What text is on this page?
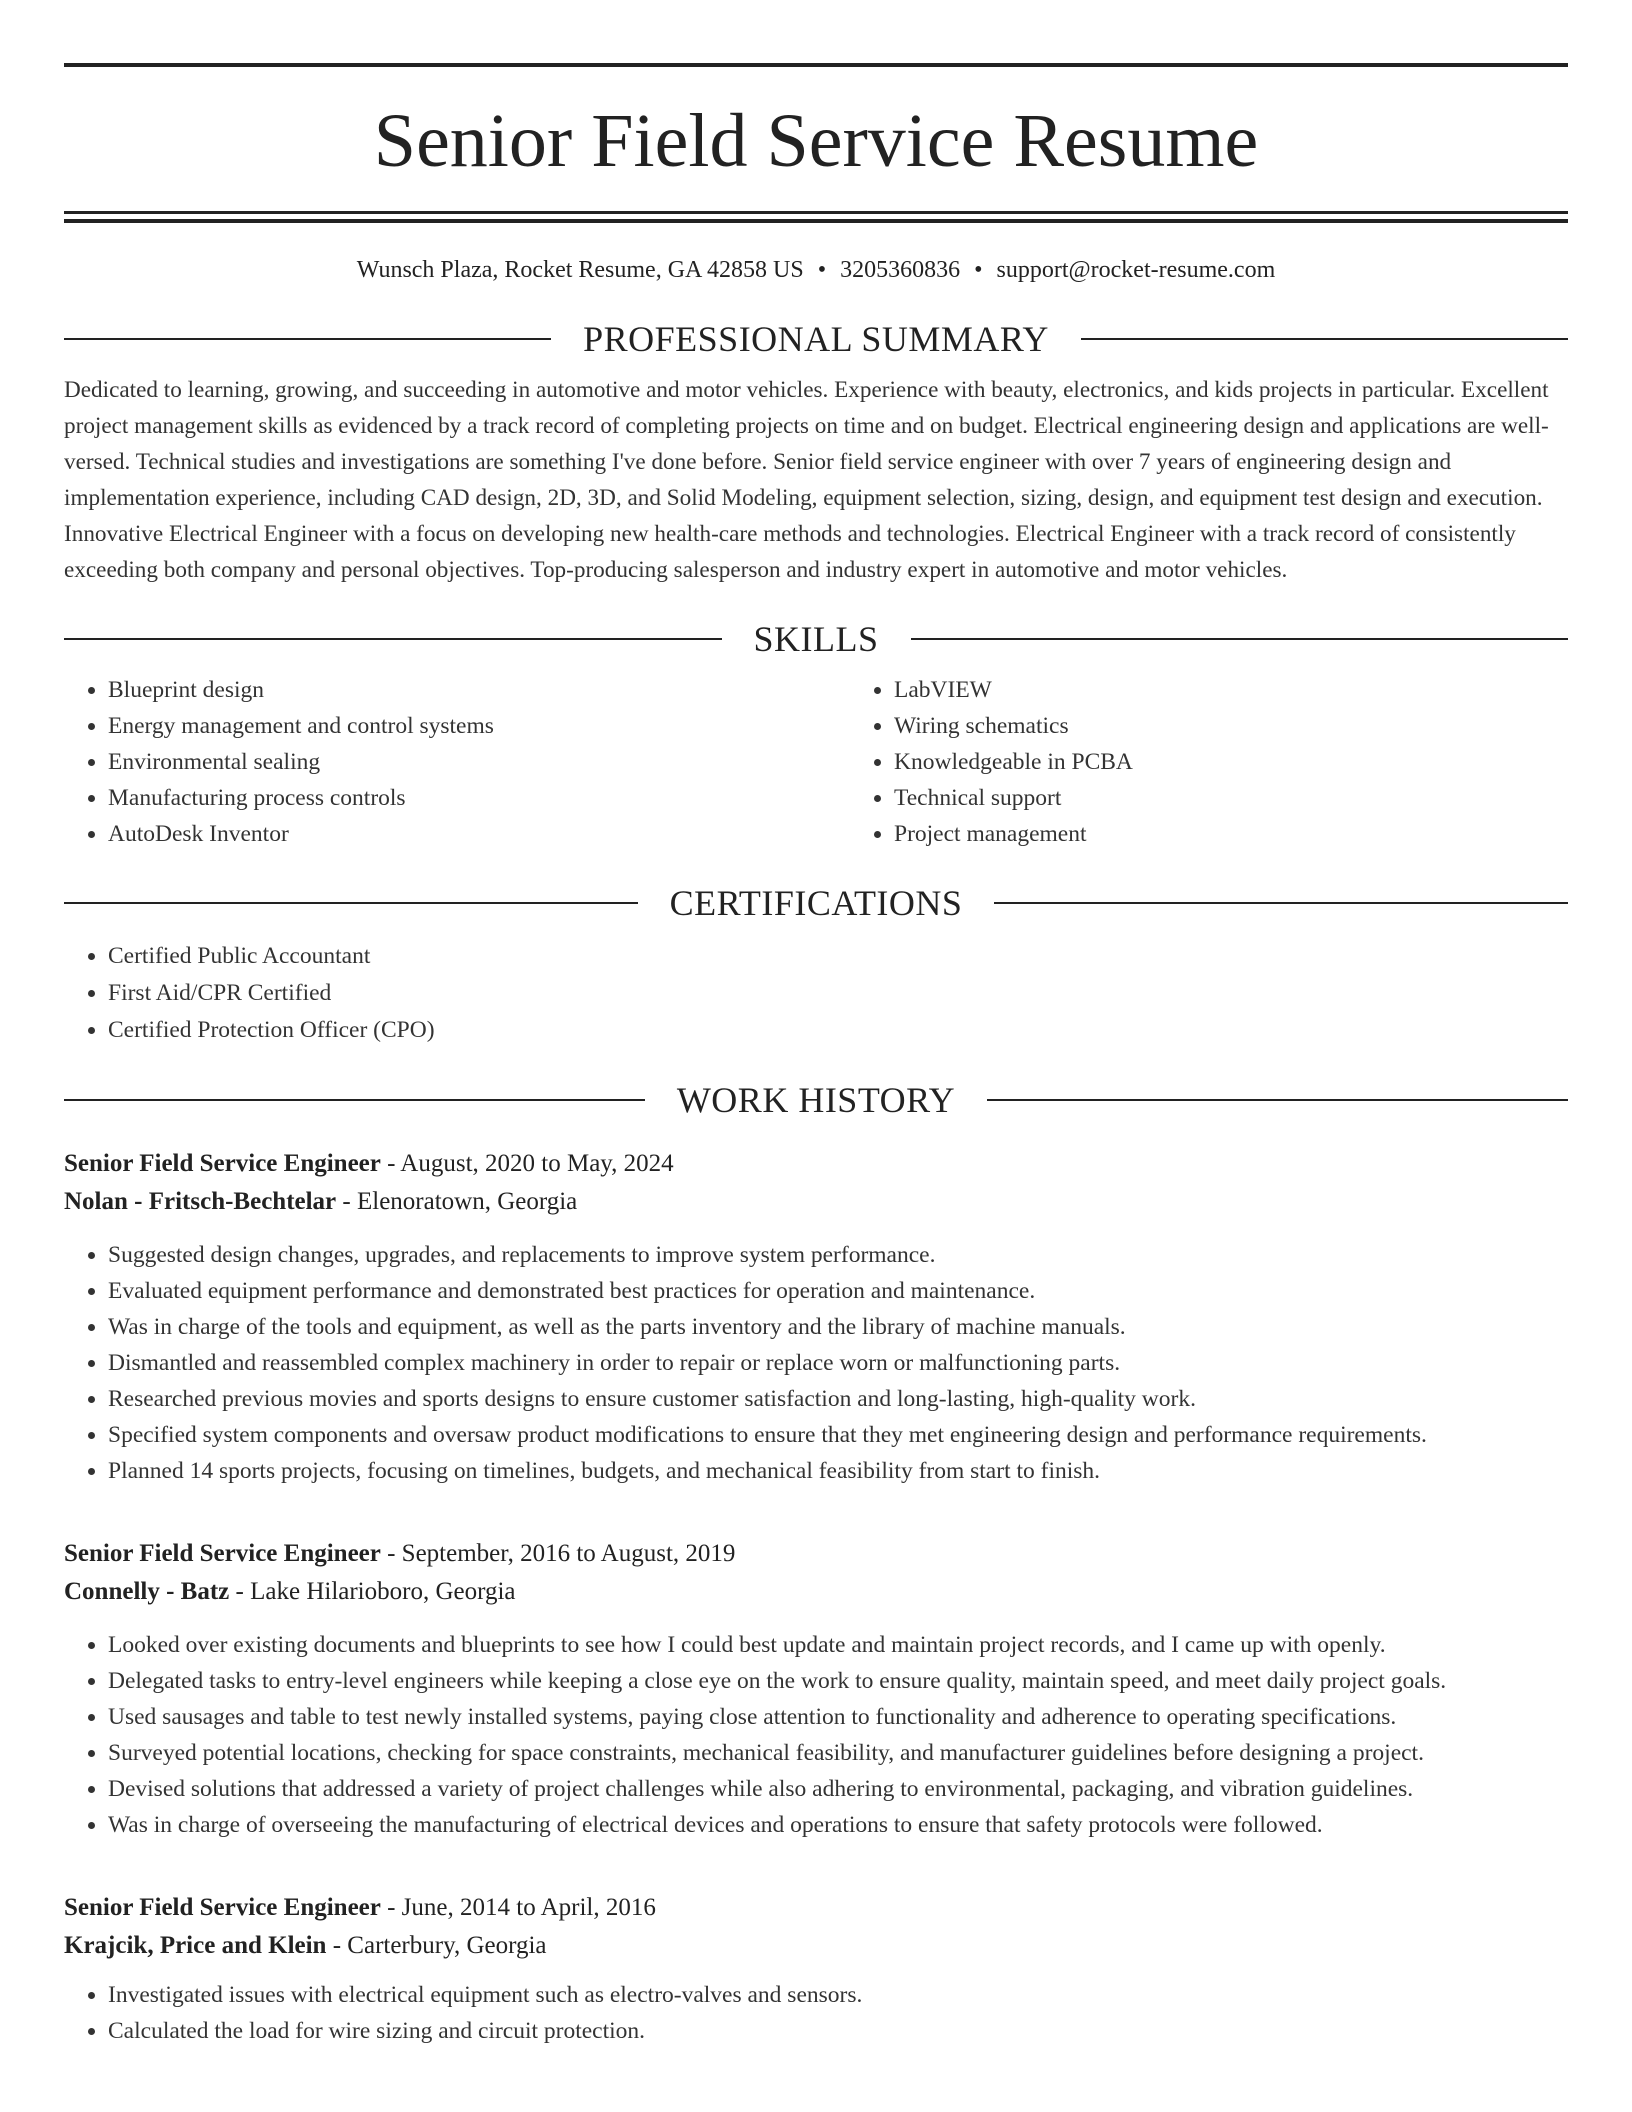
Senior Field Service Resume
Wunsch Plaza, Rocket Resume, GA 42858 US • 3205360836 • support@rocket-resume.com
PROFESSIONAL SUMMARY
Dedicated to learning, growing, and succeeding in automotive and motor vehicles. Experience with beauty, electronics, and kids projects in particular. Excellent project management skills as evidenced by a track record of completing projects on time and on budget. Electrical engineering design and applications are well-versed. Technical studies and investigations are something I've done before. Senior field service engineer with over 7 years of engineering design and implementation experience, including CAD design, 2D, 3D, and Solid Modeling, equipment selection, sizing, design, and equipment test design and execution. Innovative Electrical Engineer with a focus on developing new health-care methods and technologies. Electrical Engineer with a track record of consistently exceeding both company and personal objectives. Top-producing salesperson and industry expert in automotive and motor vehicles.
SKILLS
• Blueprint design
• Energy management and control systems
• Environmental sealing
• Manufacturing process controls
• AutoDesk Inventor
• LabVIEW
• Wiring schematics
• Knowledgeable in PCBA
• Technical support
• Project management
CERTIFICATIONS
• Certified Public Accountant
• First Aid/CPR Certified
• Certified Protection Officer (CPO)
WORK HISTORY
Senior Field Service Engineer - August, 2020 to May, 2024
Nolan - Fritsch-Bechtelar - Elenoratown, Georgia
• Suggested design changes, upgrades, and replacements to improve system performance.
• Evaluated equipment performance and demonstrated best practices for operation and maintenance.
• Was in charge of the tools and equipment, as well as the parts inventory and the library of machine manuals.
• Dismantled and reassembled complex machinery in order to repair or replace worn or malfunctioning parts.
• Researched previous movies and sports designs to ensure customer satisfaction and long-lasting, high-quality work.
• Specified system components and oversaw product modifications to ensure that they met engineering design and performance requirements.
• Planned 14 sports projects, focusing on timelines, budgets, and mechanical feasibility from start to finish.
Senior Field Service Engineer - September, 2016 to August, 2019
Connelly - Batz - Lake Hilarioboro, Georgia
• Looked over existing documents and blueprints to see how I could best update and maintain project records, and I came up with openly.
• Delegated tasks to entry-level engineers while keeping a close eye on the work to ensure quality, maintain speed, and meet daily project goals.
• Used sausages and table to test newly installed systems, paying close attention to functionality and adherence to operating specifications.
• Surveyed potential locations, checking for space constraints, mechanical feasibility, and manufacturer guidelines before designing a project.
• Devised solutions that addressed a variety of project challenges while also adhering to environmental, packaging, and vibration guidelines.
• Was in charge of overseeing the manufacturing of electrical devices and operations to ensure that safety protocols were followed.
Senior Field Service Engineer - June, 2014 to April, 2016
Krajcik, Price and Klein - Carterbury, Georgia
• Investigated issues with electrical equipment such as electro-valves and sensors.
• Calculated the load for wire sizing and circuit protection.
